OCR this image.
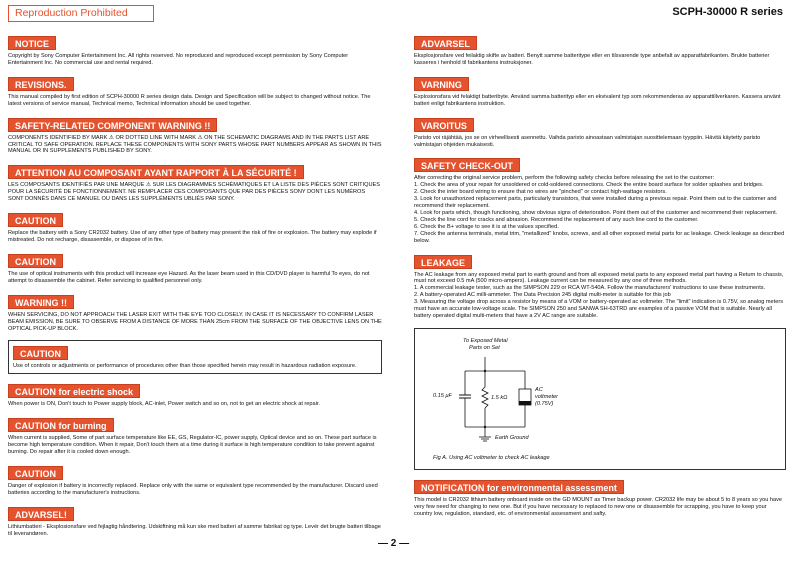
Reproduction Prohibited	SCPH-30000 R series
NOTICE
Copyright by Sony Computer Entertainment Inc. All rights reserved. No reproduced and reproduced except permission by Sony Computer Entertainment Inc. No commercial use and rental required.
REVISIONS.
This manual compiled by first edition of SCPH-30000 R series design data. Design and Specification will be subject to changed without notice. The latest versions of service manual, Technical memo, Technical information should be used together.
SAFETY-RELATED COMPONENT WARNING !!
COMPONENTS IDENTIFIED BY MARK ⚠ OR DOTTED LINE WITH MARK ⚠ ON THE SCHEMATIC DIAGRAMS AND IN THE PARTS LIST ARE CRITICAL TO SAFE OPERATION. REPLACE THESE COMPONENTS WITH SONY PARTS WHOSE PART NUMBERS APPEAR AS SHOWN IN THIS MANUAL OR IN SUPPLEMENTS PUBLISHED BY SONY.
ATTENTION AU COMPOSANT AYANT RAPPORT À LA SÉCURITÉ !
LES COMPOSANTS IDENTIFIÉS PAR UNE MARQUE ⚠ SUR LES DIAGRAMMES SCHÉMATIQUES ET LA LISTE DES PIÈCES SONT CRITIQUES POUR LA SÉCURITÉ DE FONCTIONNEMENT. NE REMPLACER CES COMPOSANTS QUE PAR DES PIÈCES SONY DONT LES NUMÉROS SONT DONNÉS DANS CE MANUEL OU DANS LES SUPPLÉMENTS UBLIÉS PAR SONY.
CAUTION
Replace the battery with a Sony CR2032 battery. Use of any other type of battery may present the risk of fire or explosion. The battery may explode if mistreated. Do not recharge, disassemble, or dispose of in fire.
CAUTION
The use of optical instruments with this product will increase eye Hazard. As the laser beam used in this CD/DVD player is harmful To eyes, do not attempt to disassemble the cabinet. Refer servicing to qualified personnel only.
WARNING !!
WHEN SERVICING, DO NOT APPROACH THE LASER EXIT WITH THE EYE TOO CLOSELY. IN CASE IT IS NECESSARY TO CONFIRM LASER BEAM EMISSION, BE SURE TO OBSERVE FROM A DISTANCE OF MORE THAN 25cm FROM THE SURFACE OF THE OBJECTIVE LENS ON THE OPTICAL PICK-UP BLOCK.
CAUTION
Use of controls or adjustments or performance of procedures other than those specified herein may result in hazardous radiation exposure.
CAUTION for electric shock
When power is ON, Don't touch to Power supply block, AC-inlet, Power switch and so on, not to get an electric shock at repair.
CAUTION for burning
When current is supplied, Some of part surface temperature like EE, GS, Regulator-IC, power supply, Optical device and so on. These part surface is become high temperature condition. When it repair, Don't touch them at a time during it surface is high temperature condition to take prevent against burning. Do repair after it is cooled down enough.
CAUTION
Danger of explosion if battery is incorrectly replaced. Replace only with the same or equivalent type recommended by the manufacturer. Discard used batteries according to the manufacturer's instructions.
ADVARSEL!
Lithiumbatteri - Eksplosionsfare ved fejlagtig håndtering. Udskiftning må kun ske med batteri af samme fabrikat og type. Levér det brugte batteri tilbage til leverandøren.
ADVARSEL
Eksplosjonsfare ved feilaktig skifte av batteri. Benytt samme batteritype eller en tilsvarende type anbefalt av apparatfabrikanten. Brukte batterier kasseres i henhold til fabrikantens instruksjoner.
VARNING
Explosionsfara vid felaktigt batteribyte. Använd samma batterityp eller en ekvivalent typ som rekommenderas av apparattillverkaren. Kassera använt batteri enligt fabrikantens instruktion.
VAROITUS
Paristo voi räjähtää, jos se on virheellisesti asennettu. Vaihda paristo ainoastaan valmistajan suosittelemaan tyyppiin. Hävitä käytetty paristo valmistajan ohjeiden mukaisesti.
SAFETY CHECK-OUT
After correcting the original service problem, perform the following safety checks before releasing the set to the customer:
1. Check the area of your repair for unsoldered or cold-soldered connections. Check the entire board surface for solder splashes and bridges.
2. Check the inter board wiring to ensure that no wires are "pinched" or contact high-wattage resistors.
3. Look for unauthorized replacement parts, particularly transistors, that were installed during a previous repair. Point them out to the customer and recommend their replacement.
4. Look for parts which, though functioning, show obvious signs of deterioration. Point them out of the customer and recommend their replacement.
5. Check the line cord for cracks and abrasion. Recommend the replacement of any such line cord to the customer.
6. Check the B+ voltage to see it is at the values specified.
7. Check the antenna terminals, metal trim, "metallized" knobs, screws, and all other exposed metal parts for ac leakage. Check leakage as described below.
LEAKAGE
The AC leakage from any exposed metal part to earth ground and from all exposed metal parts to any exposed metal part having a Return to chassis, must not exceed 0.5 mA (500 micro-ampers). Leakage current can be measured by any one of three methods.
1. A commercial leakage tester, such as the SIMPSON 229 or RCA WT-540A. Follow the manufacturers' instructions to use these instruments.
2. A battery-operated AC milli-ammeter. The Data Precision 245 digital multi-meter is suitable for this job
3. Measuring the voltage drop across a resistor by means of a VOM or battery-operated ac voltmeter. The "limit" indication is 0.75V, so analog meters must have an accurate low-voltage scale. The SIMPSON 250 and SANWA SH-63TRD are examples of a passive VOM that is suitable. Nearly all battery operated digital multi-meters that have a 2V AC range are suitable.
To Exposed Metal
Parts on Set
0.15 μF	1.5 kΩ
AC
voltmeter
(0.75V)
Earth Ground
Fig A. Using AC voltmeter to check AC leakage
NOTIFICATION for environmental assessment
This model is CR2032 lithium battery onboard inside on the GD MOUNT as Timer backup power. CR2032 life may be about 5 to 8 years so you have very few need for changing to new one. But if you have necessary to replaced to new one or disassemble for scrapping, you have to keep your country low, regulation, standard, etc. of environmental assessment and safty.
— 2 —
